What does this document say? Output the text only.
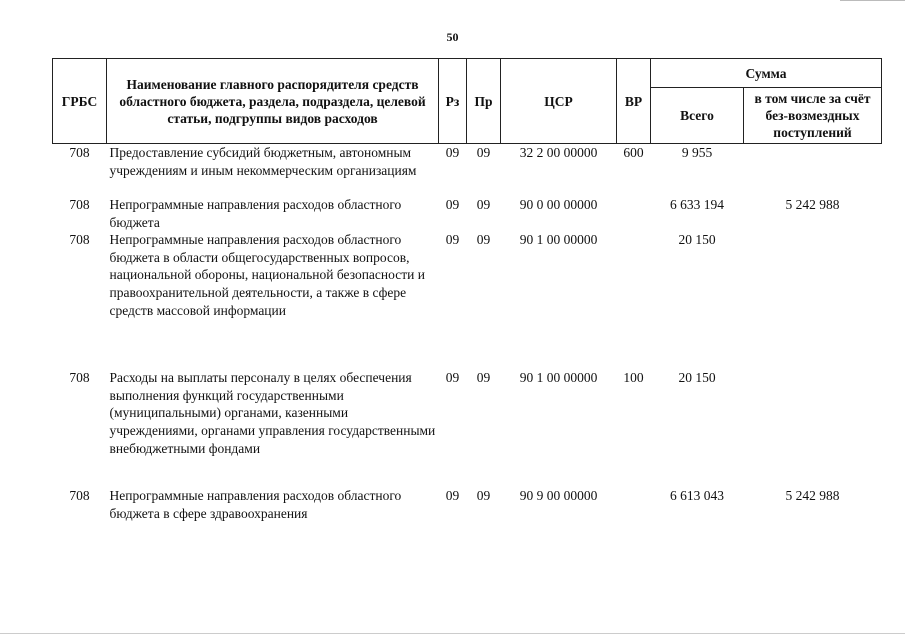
50
ГРБС	Наименование главного распорядителя средств областного бюджета, раздела, подраздела, целевой статьи, подгруппы видов расходов	Рз	Пр	ЦСР	ВР	Сумма	
						Всего	в том числе за счёт без-возмездных поступлений
708	Предоставление субсидий бюджетным, автономным учреждениям и иным некоммерческим организациям	09	09	32 2 00 00000	600	9 955	
708	Непрограммные направления расходов областного бюджета	09	09	90 0 00 00000		6 633 194	5 242 988
708	Непрограммные направления расходов областного бюджета в области общегосударственных вопросов, национальной обороны, национальной безопасности и правоохранительной деятельности, а также в сфере средств массовой информации	09	09	90 1 00 00000		20 150	
708	Расходы на выплаты персоналу в целях обеспечения выполнения функций государственными (муниципальными) органами, казенными учреждениями, органами управления государственными внебюджетными фондами	09	09	90 1 00 00000	100	20 150	
708	Непрограммные направления расходов областного бюджета в сфере здравоохранения	09	09	90 9 00 00000		6 613 043	5 242 988
